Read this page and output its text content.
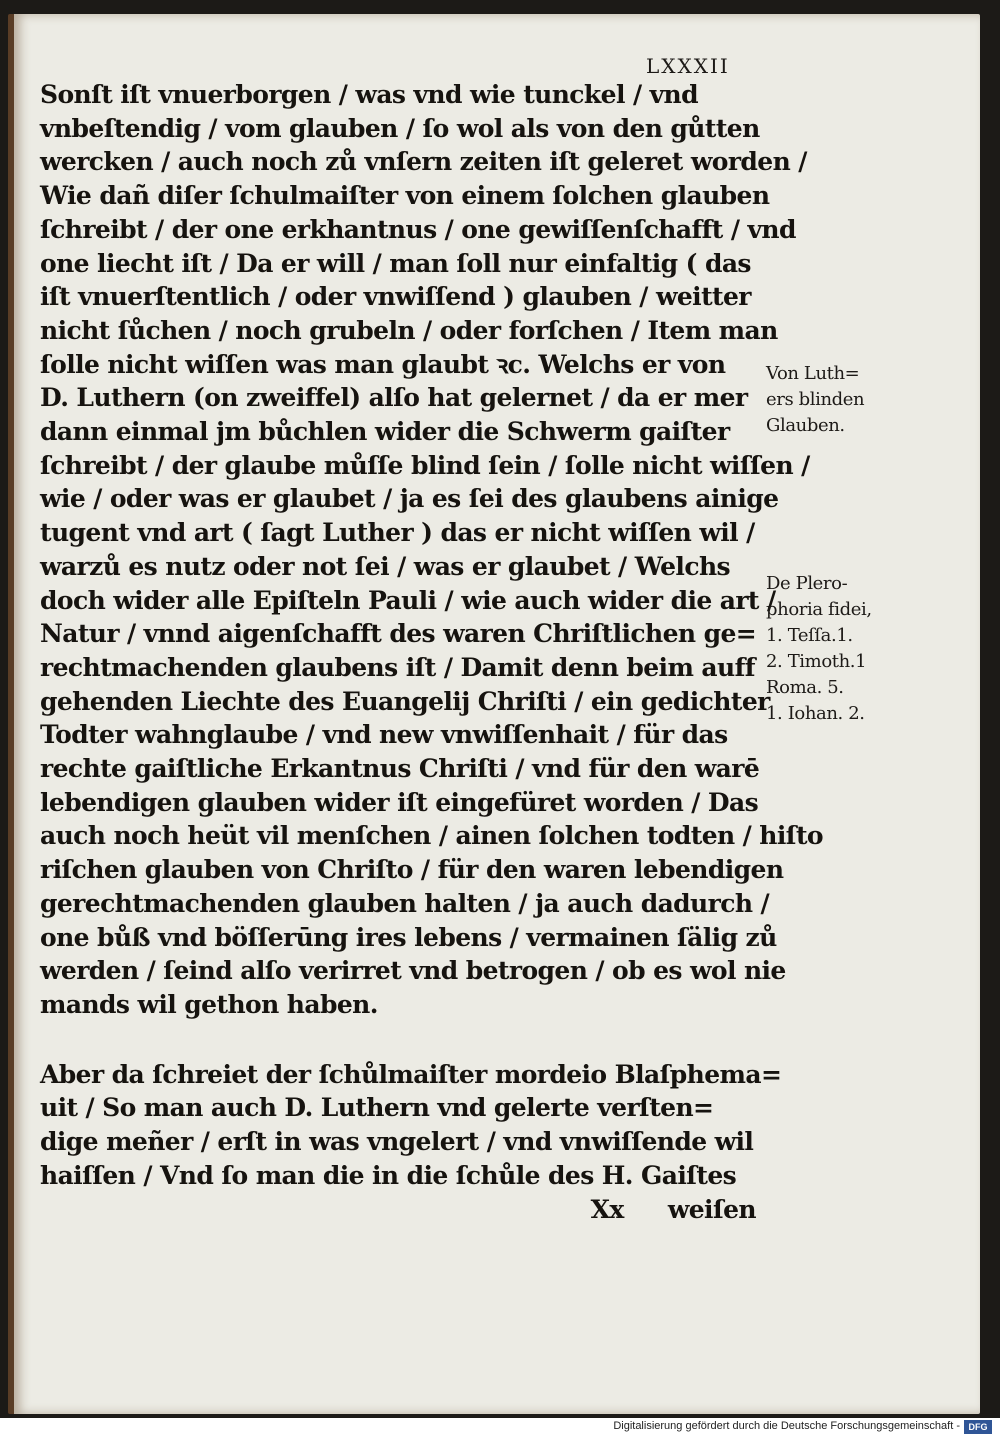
LXXXII
Sonſt iſt vnuerborgen / was vnd wie tunckel / vnd
vnbeſtendig / vom glauben / ſo wol als von den gůtten
wercken / auch noch zů vnſern zeiten iſt geleret worden /
Wie dañ diſer ſchulmaiſter von einem ſolchen glauben
ſchreibt / der one erkhantnus / one gewiſſenſchafft / vnd
one liecht iſt / Da er will / man ſoll nur einfaltig ( das
iſt vnuerſtentlich / oder vnwiſſend ) glauben / weitter
nicht ſůchen / noch grubeln / oder forſchen / Item man
ſolle nicht wiſſen was man glaubt ꝛc. Welchs er von
D. Luthern (on zweiffel) alſo hat gelernet / da er mer
dann einmal jm bůchlen wider die Schwerm gaiſter
ſchreibt / der glaube můſſe blind ſein / ſolle nicht wiſſen /
wie / oder was er glaubet / ja es ſei des glaubens ainige
tugent vnd art ( ſagt Luther ) das er nicht wiſſen wil /
warzů es nutz oder not ſei / was er glaubet / Welchs
doch wider alle Epiſteln Pauli / wie auch wider die art /
Natur / vnnd aigenſchafft des waren Chriſtlichen ge=
rechtmachenden glaubens iſt / Damit denn beim auff
gehenden Liechte des Euangelij Chriſti / ein gedichter
Todter wahnglaube / vnd new vnwiſſenhait / für das
rechte gaiſtliche Erkantnus Chriſti / vnd für den warē
lebendigen glauben wider iſt eingefüret worden / Das
auch noch heüt vil menſchen / ainen ſolchen todten / hiſto
riſchen glauben von Chriſto / für den waren lebendigen
gerechtmachenden glauben halten / ja auch dadurch /
one bůß vnd böſſerūng ires lebens / vermainen ſälig zů
werden / ſeind alſo verirret vnd betrogen / ob es wol nie
mands wil gethon haben.
Aber da ſchreiet der ſchůlmaiſter mordeio Blaſphema=
uit / So man auch D. Luthern vnd gelerte verſten=
dige meñer / erſt in was vngelert / vnd vnwiſſende wil
haiſſen / Vnd ſo man die in die ſchůle des H. Gaiſtes
Xx weiſen
Von Luth=
ers blinden
Glauben.
De Plero-
phoria fidei,
1. Teſſa.1.
2. Timoth.1
Roma. 5.
1. Iohan. 2.
Digitalisierung gefördert durch die Deutsche Forschungsgemeinschaft - DFG
